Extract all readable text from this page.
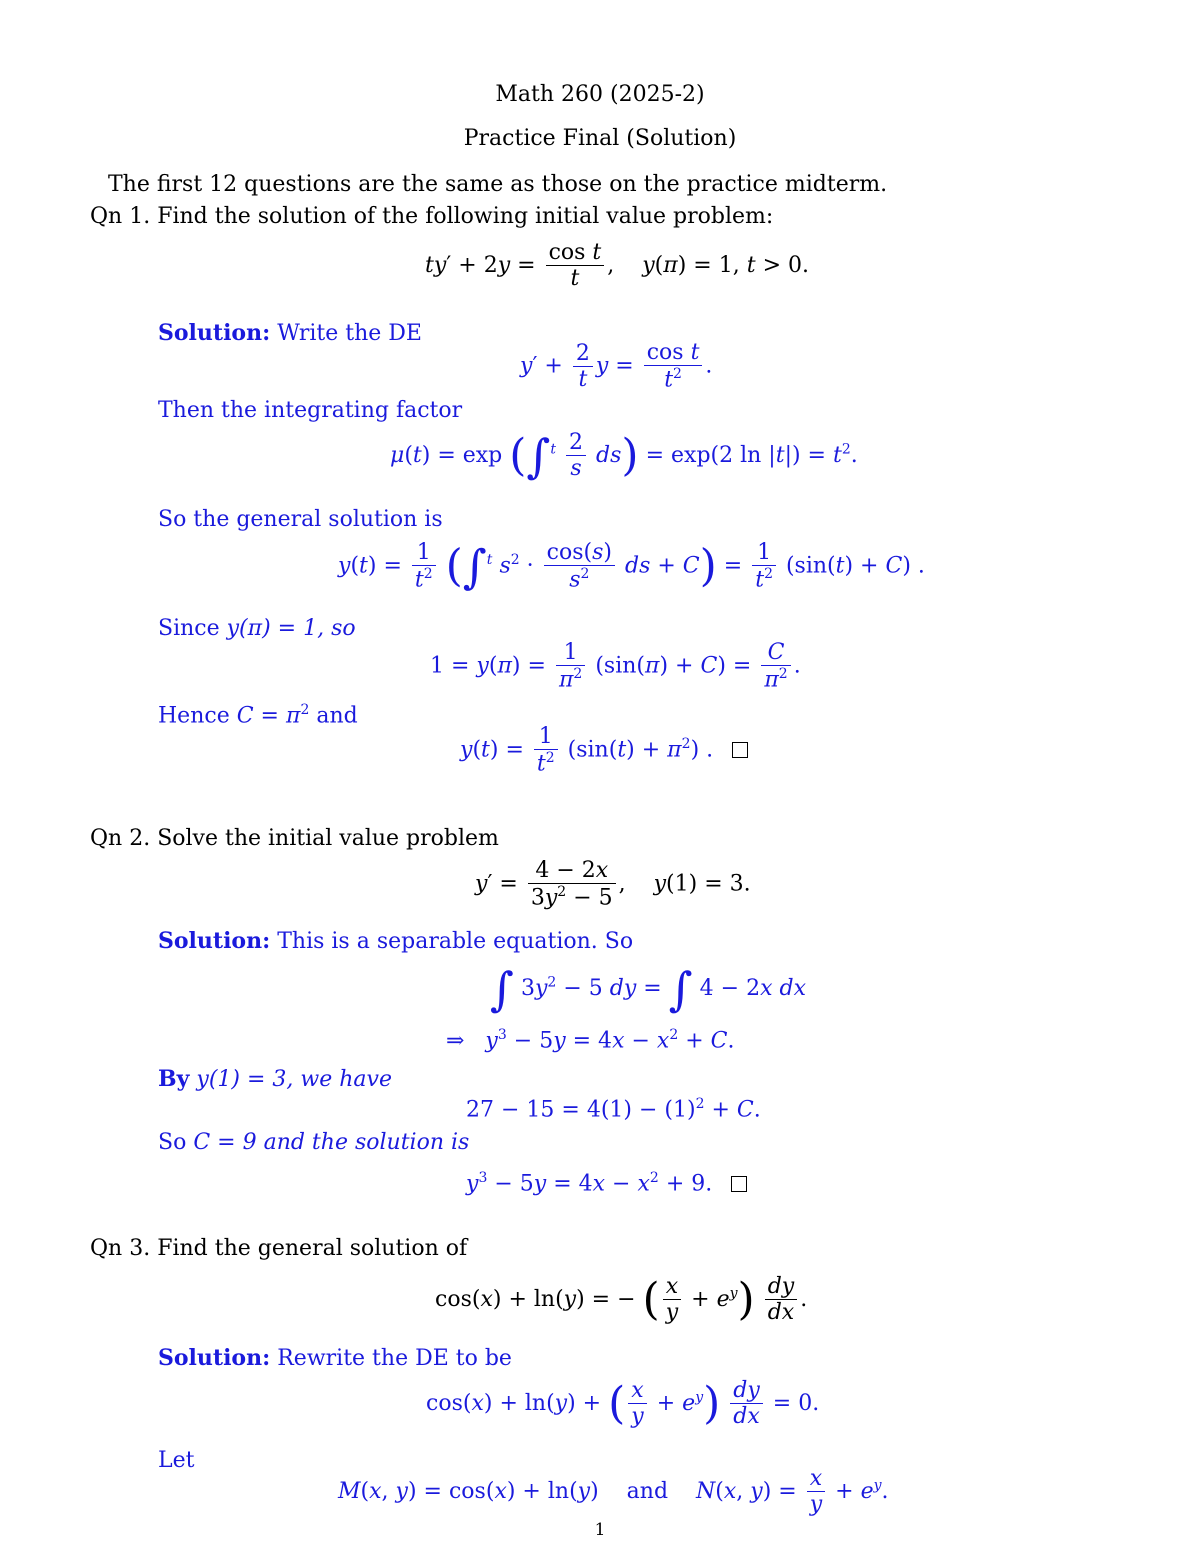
Math 260 (2025-2)
Practice Final (Solution)
The first 12 questions are the same as those on the practice midterm.
Qn 1. Find the solution of the following initial value problem:
$ty' + 2y = \frac{\text{cos t}}{t}$ ,    y(π) = 1, t > 0.
Solution: Write the DE
$y' + \frac{2}{t}$ $y = \frac{\text{cos t}}{t^2}$ .
Then the integrating factor
$\mu(t) = \exp (\int^t \frac{2}{s} ds) = \exp(2$ $\ln |t|) = t^2$.
So the general solution is
$y(t) = \frac{1}{t^2} (\int^t$ $s^2 \cdot \frac{\cos(s)}{s^2}$ ds + $C) = \frac{1}{t^2} (\sin(t) + C)$ .
Since y(π) = 1, so
$1 = y(\pi) = \frac{1}{\pi^2} (\sin(\pi) + C) = \frac{C}{\pi^2}$ .
Hence $C = \pi^2$ and
$y(t) = \frac{1}{t^2} (\sin(t) + \pi^2)$ .
Qn 2. Solve the initial value problem
$y' = \frac{4 - 2x}{3y^2 - 5}$ ,    y(1) = 3.
Solution: This is a separable equation. So
∫ $3y^2 - 5$ dy = ∫ 4 − 2x dx
⇒   $y^3 - 5y = 4x - x^2 + C$.
By y(1) = 3, we have
$27 - 15 = 4(1) - (1)^2 + C$.
So C = 9 and the solution is
$y^3 - 5y = 4x - x^2 + 9$.
Qn 3. Find the general solution of
cos(x) + ln(y) = − ( $\frac{x}{y} + e^y) \frac{dy}{dx}$ .
Solution: Rewrite the DE to be
cos(x) + ln(y) + ( $\frac{x}{y} + e^y) \frac{dy}{dx} = 0$.
Let
M(x, y) = cos(x) + ln(y)    and N(x, $y) = \frac{x}{y} + e^y$.
1
